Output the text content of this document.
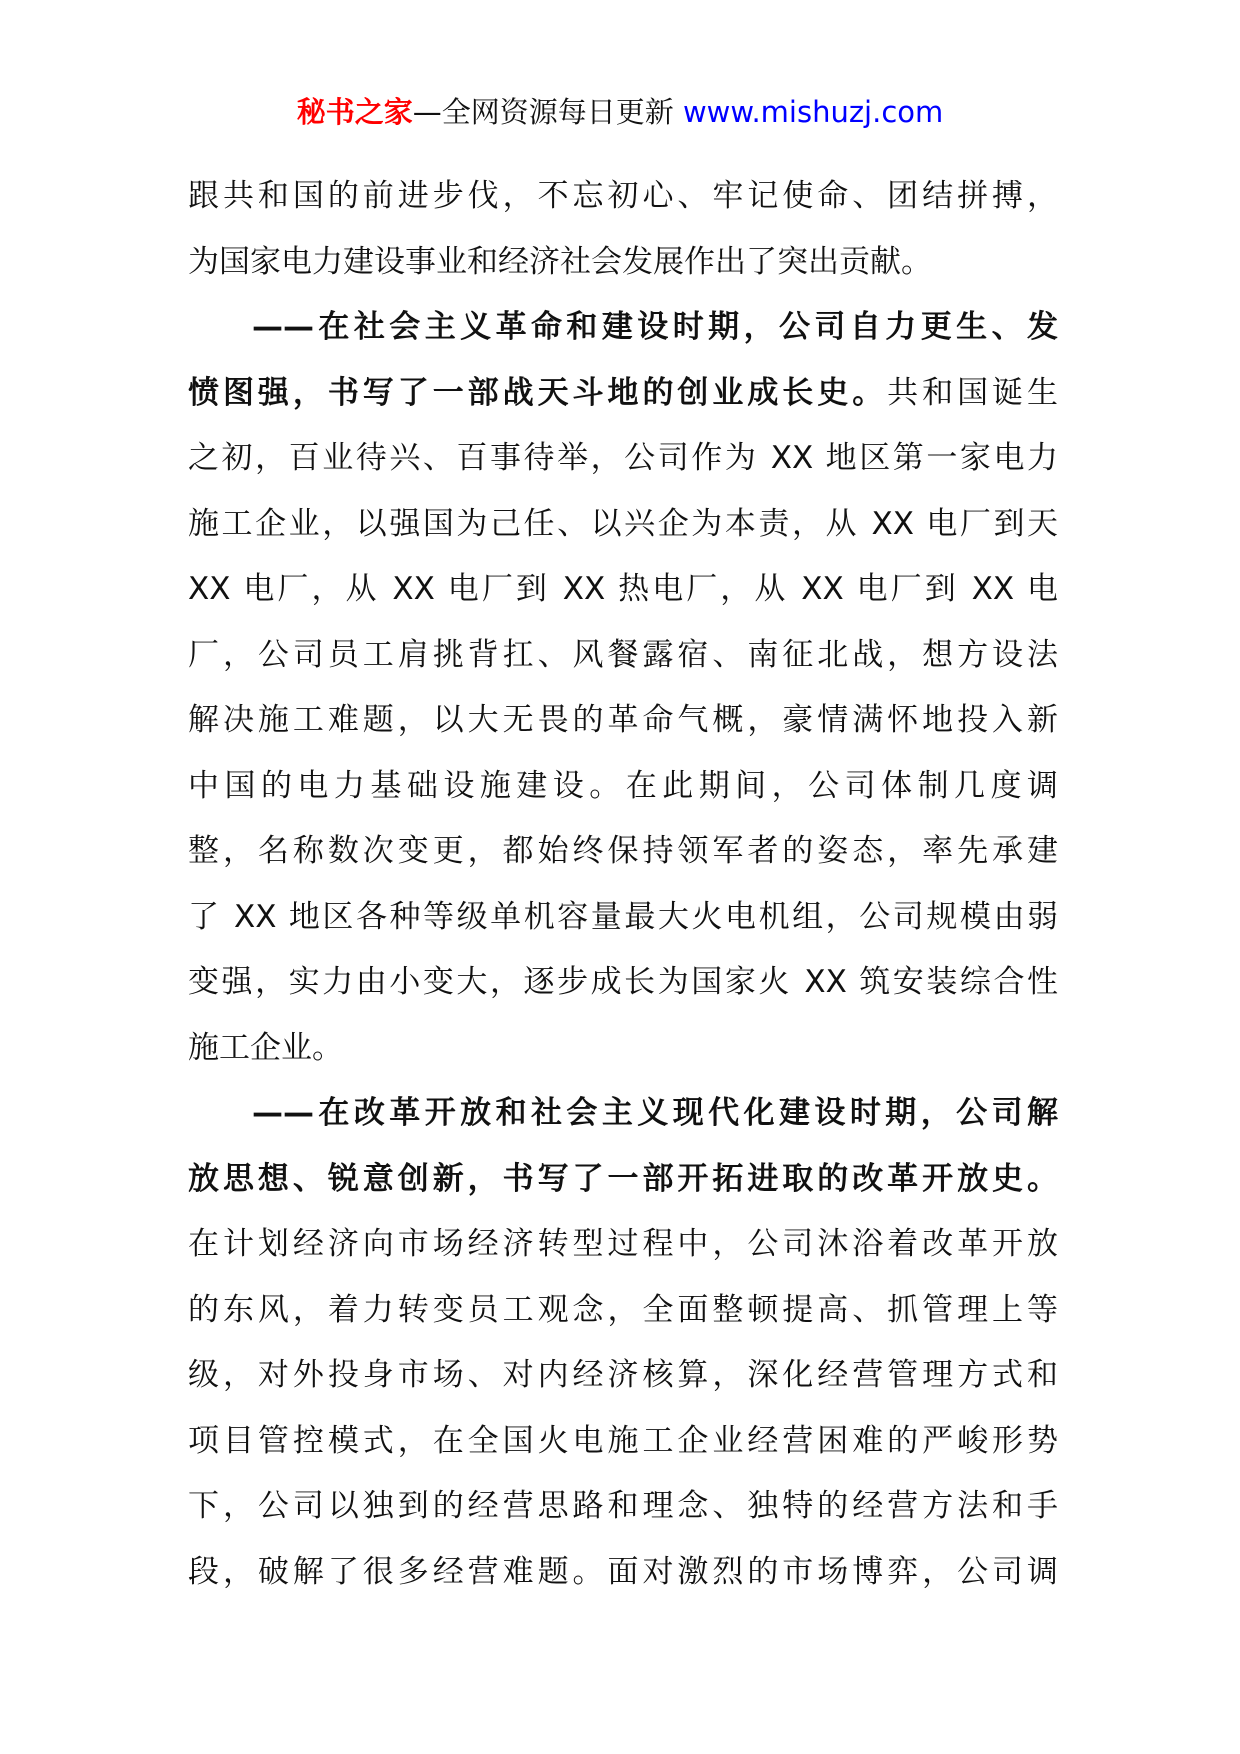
秘书之家—全网资源每日更新 www.mishuzj.com

跟共和国的前进步伐，不忘初心、牢记使命、团结拼搏，
为国家电力建设事业和经济社会发展作出了突出贡献。

——在社会主义革命和建设时期，公司自力更生、发
愤图强，书写了一部战天斗地的创业成长史。共和国诞生
之初，百业待兴、百事待举，公司作为 XX 地区第一家电力
施工企业，以强国为己任、以兴企为本责，从 XX 电厂到天
XX 电厂，从 XX 电厂到 XX 热电厂，从 XX 电厂到 XX 电
厂，公司员工肩挑背扛、风餐露宿、南征北战，想方设法
解决施工难题，以大无畏的革命气概，豪情满怀地投入新
中国的电力基础设施建设。在此期间，公司体制几度调
整，名称数次变更，都始终保持领军者的姿态，率先承建
了 XX 地区各种等级单机容量最大火电机组，公司规模由弱
变强，实力由小变大，逐步成长为国家火 XX 筑安装综合性
施工企业。

——在改革开放和社会主义现代化建设时期，公司解
放思想、锐意创新，书写了一部开拓进取的改革开放史。
在计划经济向市场经济转型过程中，公司沐浴着改革开放
的东风，着力转变员工观念，全面整顿提高、抓管理上等
级，对外投身市场、对内经济核算，深化经营管理方式和
项目管控模式，在全国火电施工企业经营困难的严峻形势
下，公司以独到的经营思路和理念、独特的经营方法和手
段，破解了很多经营难题。面对激烈的市场博弈，公司调
